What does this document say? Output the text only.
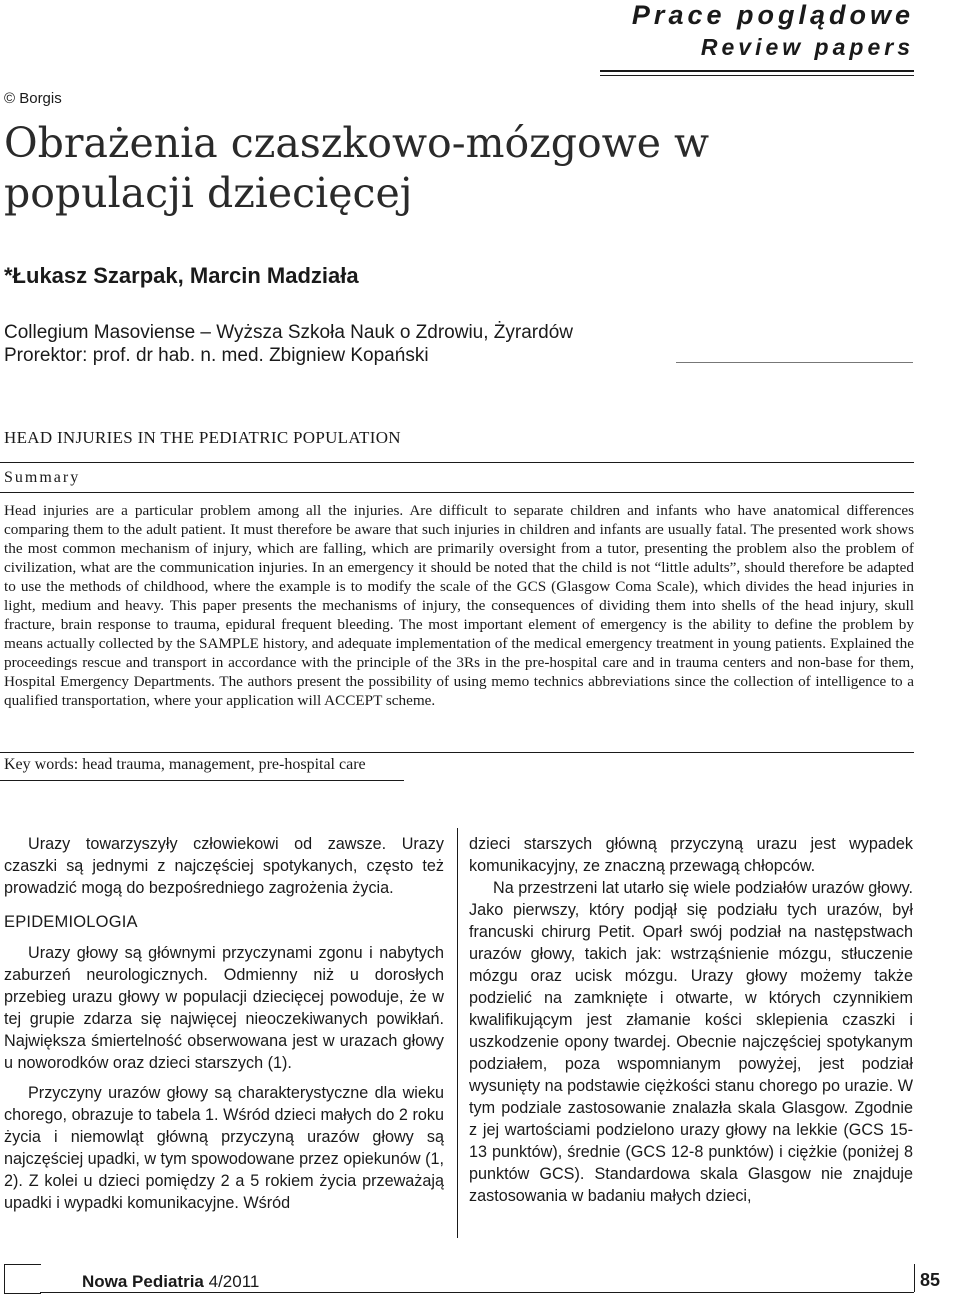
Prace poglądowe
Review papers
© Borgis
Obrażenia czaszkowo-mózgowe w populacji dziecięcej
*Łukasz Szarpak, Marcin Madziała
Collegium Masoviense – Wyższa Szkoła Nauk o Zdrowiu, Żyrardów
Prorektor: prof. dr hab. n. med. Zbigniew Kopański
HEAD INJURIES IN THE PEDIATRIC POPULATION
Summary
Head injuries are a particular problem among all the injuries. Are difficult to separate children and infants who have anatomical differences comparing them to the adult patient. It must therefore be aware that such injuries in children and infants are usually fatal. The presented work shows the most common mechanism of injury, which are falling, which are primarily oversight from a tutor, presenting the problem also the problem of civilization, what are the communication injuries. In an emergency it should be noted that the child is not “little adults”, should therefore be adapted to use the methods of childhood, where the example is to modify the scale of the GCS (Glasgow Coma Scale), which divides the head injuries in light, medium and heavy. This paper presents the mechanisms of injury, the consequences of dividing them into shells of the head injury, skull fracture, brain response to trauma, epidural frequent bleeding. The most important element of emergency is the ability to define the problem by means actually collected by the SAMPLE history, and adequate implementation of the medical emergency treatment in young patients. Explained the proceedings rescue and transport in accordance with the principle of the 3Rs in the pre-hospital care and in trauma centers and non-base for them, Hospital Emergency Departments. The authors present the possibility of using memo technics abbreviations since the collection of intelligence to a qualified transportation, where your application will ACCEPT scheme.
Key words: head trauma, management, pre-hospital care

Urazy towarzyszyły człowiekowi od zawsze. Urazy czaszki są jednymi z najczęściej spotykanych, często też prowadzić mogą do bezpośredniego zagrożenia życia.

EPIDEMIOLOGIA

Urazy głowy są głównymi przyczynami zgonu i nabytych zaburzeń neurologicznych. Odmienny niż u dorosłych przebieg urazu głowy w populacji dziecięcej powoduje, że w tej grupie zdarza się najwięcej nieoczekiwanych powikłań. Największa śmiertelność obserwowana jest w urazach głowy u noworodków oraz dzieci starszych (1).

Przyczyny urazów głowy są charakterystyczne dla wieku chorego, obrazuje to tabela 1. Wśród dzieci małych do 2 roku życia i niemowląt główną przyczyną urazów głowy są najczęściej upadki, w tym spowodowane przez opiekunów (1, 2). Z kolei u dzieci pomiędzy 2 a 5 rokiem życia przeważają upadki i wypadki komunikacyjne. Wśród

dzieci starszych główną przyczyną urazu jest wypadek komunikacyjny, ze znaczną przewagą chłopców.

Na przestrzeni lat utarło się wiele podziałów urazów głowy. Jako pierwszy, który podjął się podziału tych urazów, był francuski chirurg Petit. Oparł swój podział na następstwach urazów głowy, takich jak: wstrząśnienie mózgu, stłuczenie mózgu oraz ucisk mózgu. Urazy głowy możemy także podzielić na zamknięte i otwarte, w których czynnikiem kwalifikującym jest złamanie kości sklepienia czaszki i uszkodzenie opony twardej. Obecnie najczęściej spotykanym podziałem, poza wspomnianym powyżej, jest podział wysunięty na podstawie ciężkości stanu chorego po urazie. W tym podziale zastosowanie znalazła skala Glasgow. Zgodnie z jej wartościami podzielono urazy głowy na lekkie (GCS 15-13 punktów), średnie (GCS 12-8 punktów) i ciężkie (poniżej 8 punktów GCS). Standardowa skala Glasgow nie znajduje zastosowania w badaniu małych dzieci,

Nowa Pediatria 4/2011	85
